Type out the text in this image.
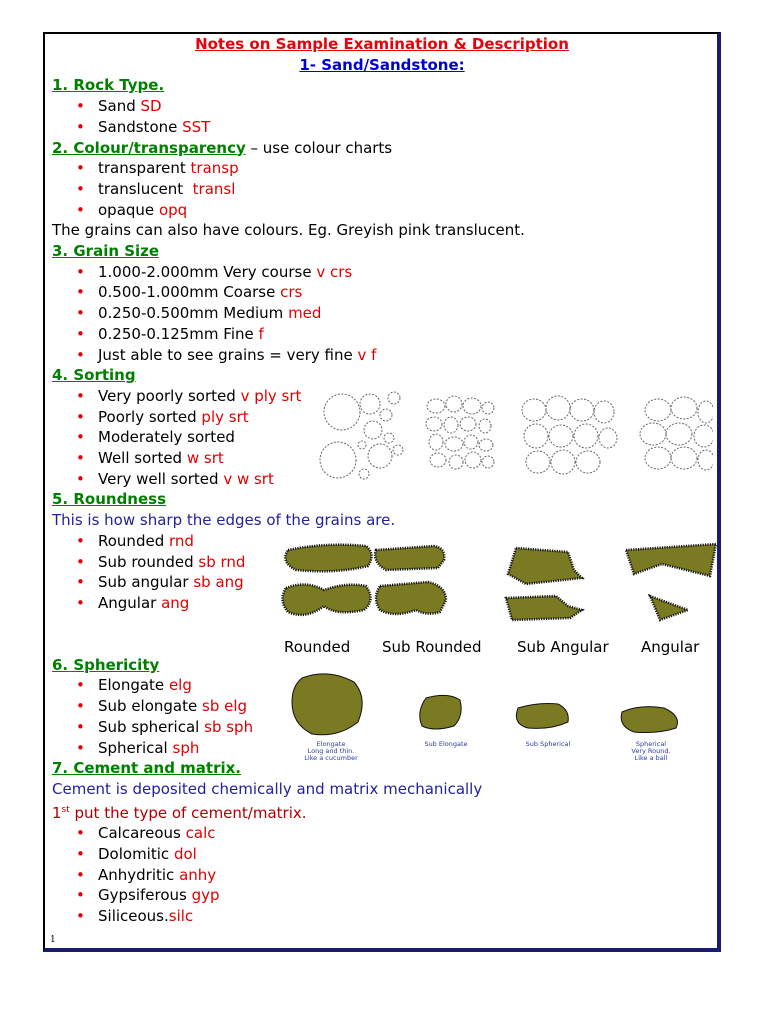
Notes on Sample Examination & Description
1- Sand/Sandstone:
1. Rock Type.
• Sand SD
• Sandstone SST
2. Colour/transparency – use colour charts
• transparent transp
• translucent transl
• opaque opq
The grains can also have colours. Eg. Greyish pink translucent.
3. Grain Size
• 1.000-2.000mm Very course v crs
• 0.500-1.000mm Coarse crs
• 0.250-0.500mm Medium med
• 0.250-0.125mm Fine f
• Just able to see grains = very fine v f
4. Sorting
• Very poorly sorted v ply srt
• Poorly sorted ply srt
• Moderately sorted
• Well sorted w srt
• Very well sorted v w srt
5. Roundness
This is how sharp the edges of the grains are.
• Rounded rnd
• Sub rounded sb rnd
• Sub angular sb ang
• Angular ang
6. Sphericity
• Elongate elg
• Sub elongate sb elg
• Sub spherical sb sph
• Spherical sph
7. Cement and matrix.
Cement is deposited chemically and matrix mechanically
1st put the type of cement/matrix.
• Calcareous calc
• Dolomitic dol
• Anhydritic anhy
• Gypsiferous gyp
• Siliceous.silc
Rounded Sub Rounded Sub Angular Angular
Elongate
Long and thin.
Like a cucumber
Sub Elongate	Sub Spherical	Spherical
Very Round.
Like a ball
1
